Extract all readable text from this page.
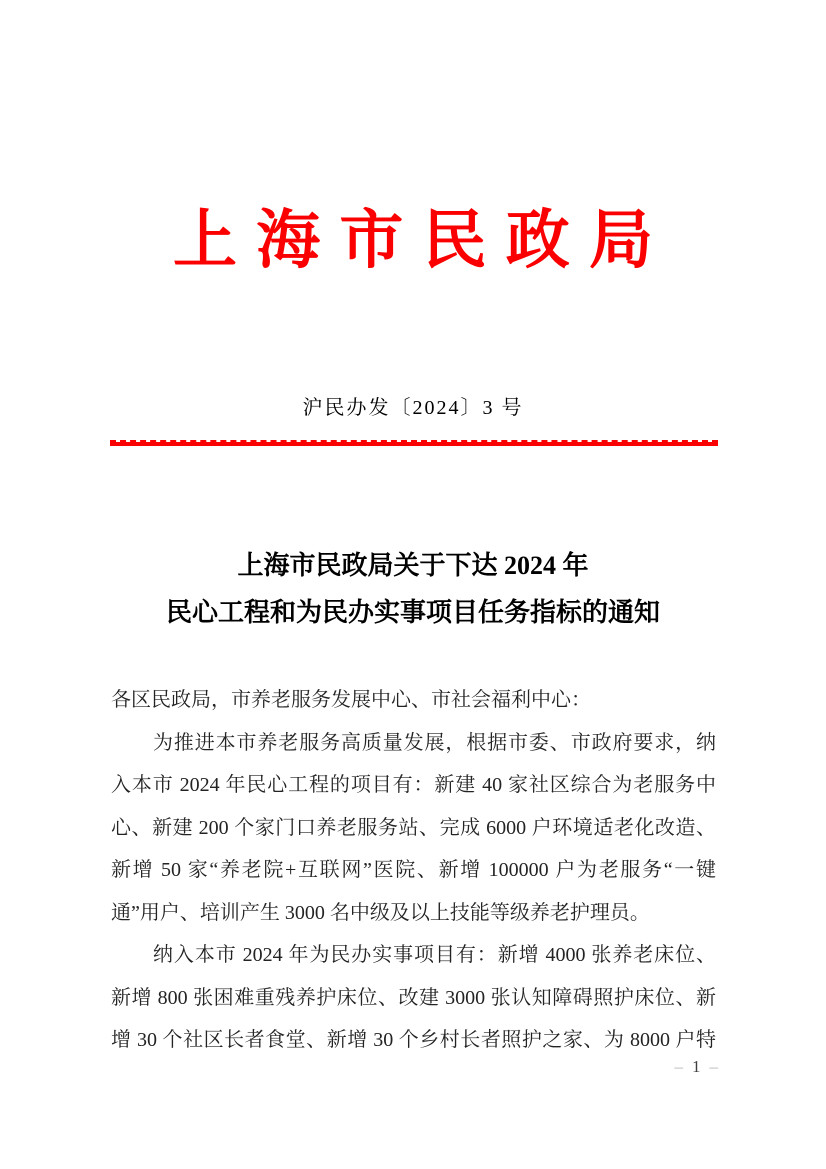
上海市民政局
沪民办发〔2024〕3 号
上海市民政局关于下达 2024 年
民心工程和为民办实事项目任务指标的通知
各区民政局，市养老服务发展中心、市社会福利中心：
为推进本市养老服务高质量发展，根据市委、市政府要求，纳
入本市 2024 年民心工程的项目有：新建 40 家社区综合为老服务中
心、新建 200 个家门口养老服务站、完成 6000 户环境适老化改造、
新增 50 家“养老院+互联网”医院、新增 100000 户为老服务“一键
通”用户、培训产生 3000 名中级及以上技能等级养老护理员。
纳入本市 2024 年为民办实事项目有：新增 4000 张养老床位、
新增 800 张困难重残养护床位、改建 3000 张认知障碍照护床位、新
增 30 个社区长者食堂、新增 30 个乡村长者照护之家、为 8000 户特
– 1 –
